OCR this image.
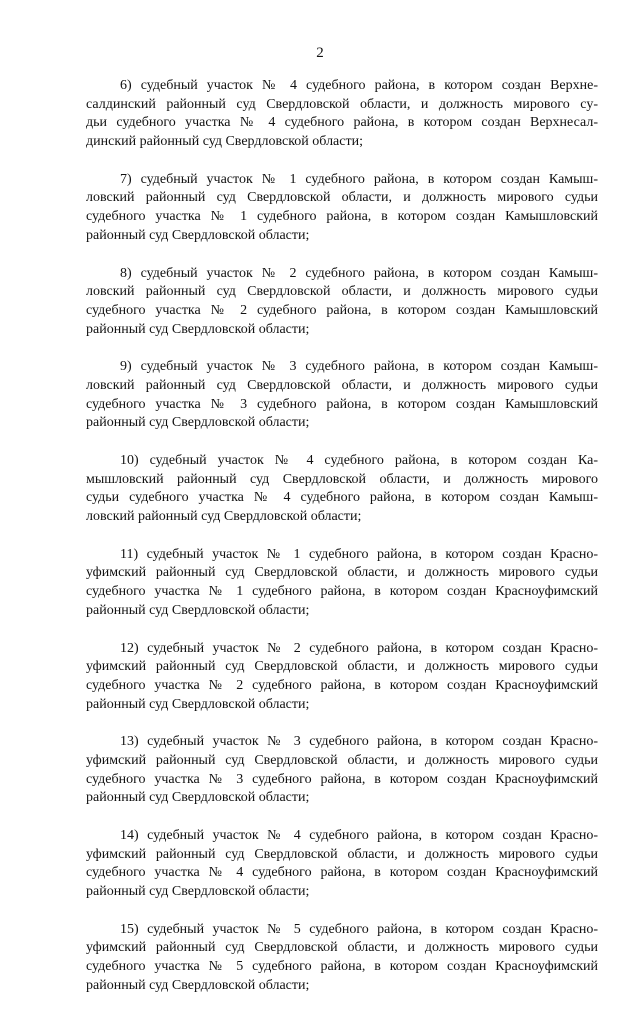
2
6) судебный участок № 4 судебного района, в котором создан Верхне-
салдинский районный суд Свердловской области, и должность мирового су-
дьи судебного участка № 4 судебного района, в котором создан Верхнесал-
динский районный суд Свердловской области;
7) судебный участок № 1 судебного района, в котором создан Камыш-
ловский районный суд Свердловской области, и должность мирового судьи
судебного участка № 1 судебного района, в котором создан Камышловский
районный суд Свердловской области;
8) судебный участок № 2 судебного района, в котором создан Камыш-
ловский районный суд Свердловской области, и должность мирового судьи
судебного участка № 2 судебного района, в котором создан Камышловский
районный суд Свердловской области;
9) судебный участок № 3 судебного района, в котором создан Камыш-
ловский районный суд Свердловской области, и должность мирового судьи
судебного участка № 3 судебного района, в котором создан Камышловский
районный суд Свердловской области;
10) судебный участок № 4 судебного района, в котором создан Ка-
мышловский районный суд Свердловской области, и должность мирового
судьи судебного участка № 4 судебного района, в котором создан Камыш-
ловский районный суд Свердловской области;
11) судебный участок № 1 судебного района, в котором создан Красно-
уфимский районный суд Свердловской области, и должность мирового судьи
судебного участка № 1 судебного района, в котором создан Красноуфимский
районный суд Свердловской области;
12) судебный участок № 2 судебного района, в котором создан Красно-
уфимский районный суд Свердловской области, и должность мирового судьи
судебного участка № 2 судебного района, в котором создан Красноуфимский
районный суд Свердловской области;
13) судебный участок № 3 судебного района, в котором создан Красно-
уфимский районный суд Свердловской области, и должность мирового судьи
судебного участка № 3 судебного района, в котором создан Красноуфимский
районный суд Свердловской области;
14) судебный участок № 4 судебного района, в котором создан Красно-
уфимский районный суд Свердловской области, и должность мирового судьи
судебного участка № 4 судебного района, в котором создан Красноуфимский
районный суд Свердловской области;
15) судебный участок № 5 судебного района, в котором создан Красно-
уфимский районный суд Свердловской области, и должность мирового судьи
судебного участка № 5 судебного района, в котором создан Красноуфимский
районный суд Свердловской области;
